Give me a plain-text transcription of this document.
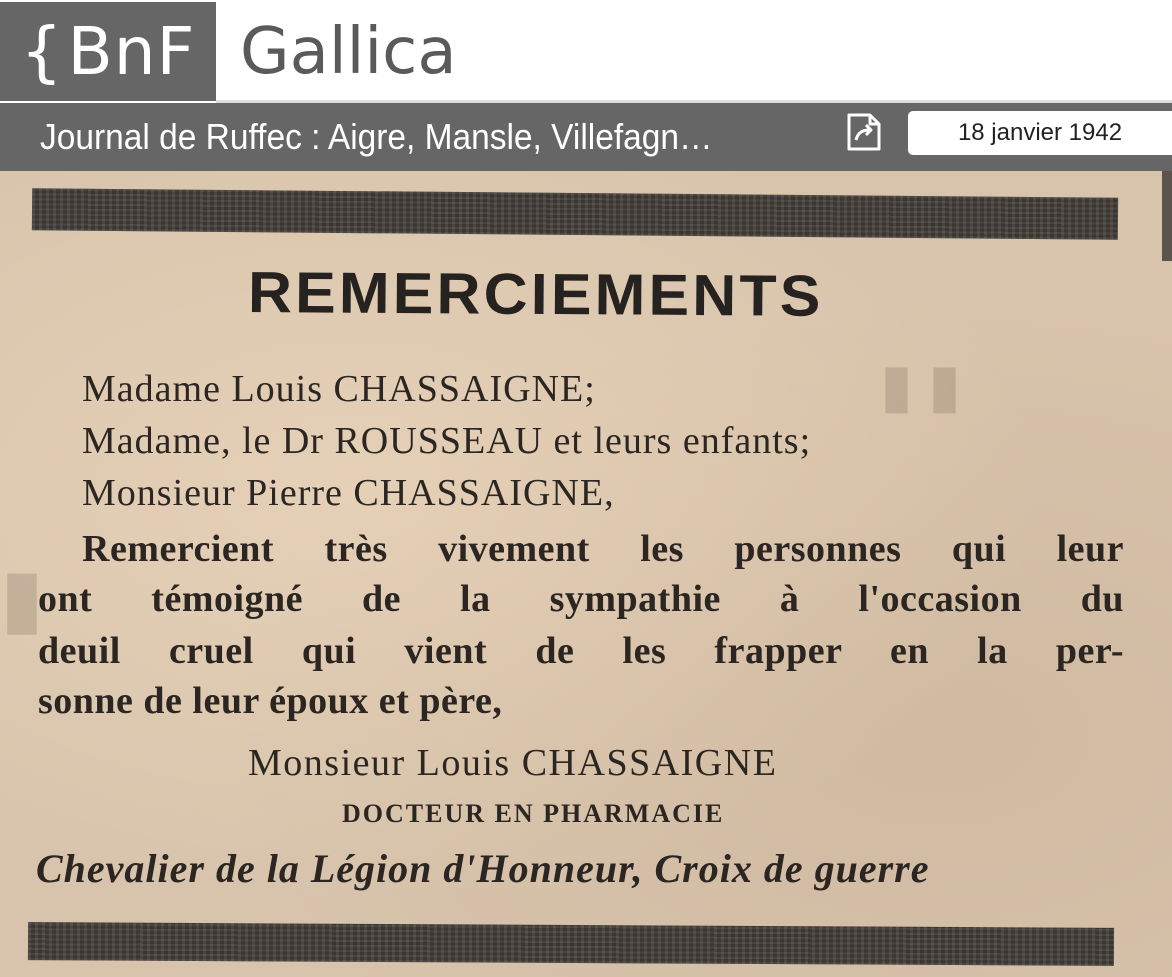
{ BnF Gallica
Journal de Ruffec : Aigre, Mansle, Villefagn…	18 janvier 1942
▮ ▮
▮
REMERCIEMENTS
Madame Louis CHASSAIGNE;
Madame, le Dr ROUSSEAU et leurs enfants;
Monsieur Pierre CHASSAIGNE,
Remercient très vivement les personnes qui leur
ont témoigné de la sympathie à l'occasion du
deuil cruel qui vient de les frapper en la per-
sonne de leur époux et père,
Monsieur Louis CHASSAIGNE
DOCTEUR EN PHARMACIE
Chevalier de la Légion d'Honneur, Croix de guerre
